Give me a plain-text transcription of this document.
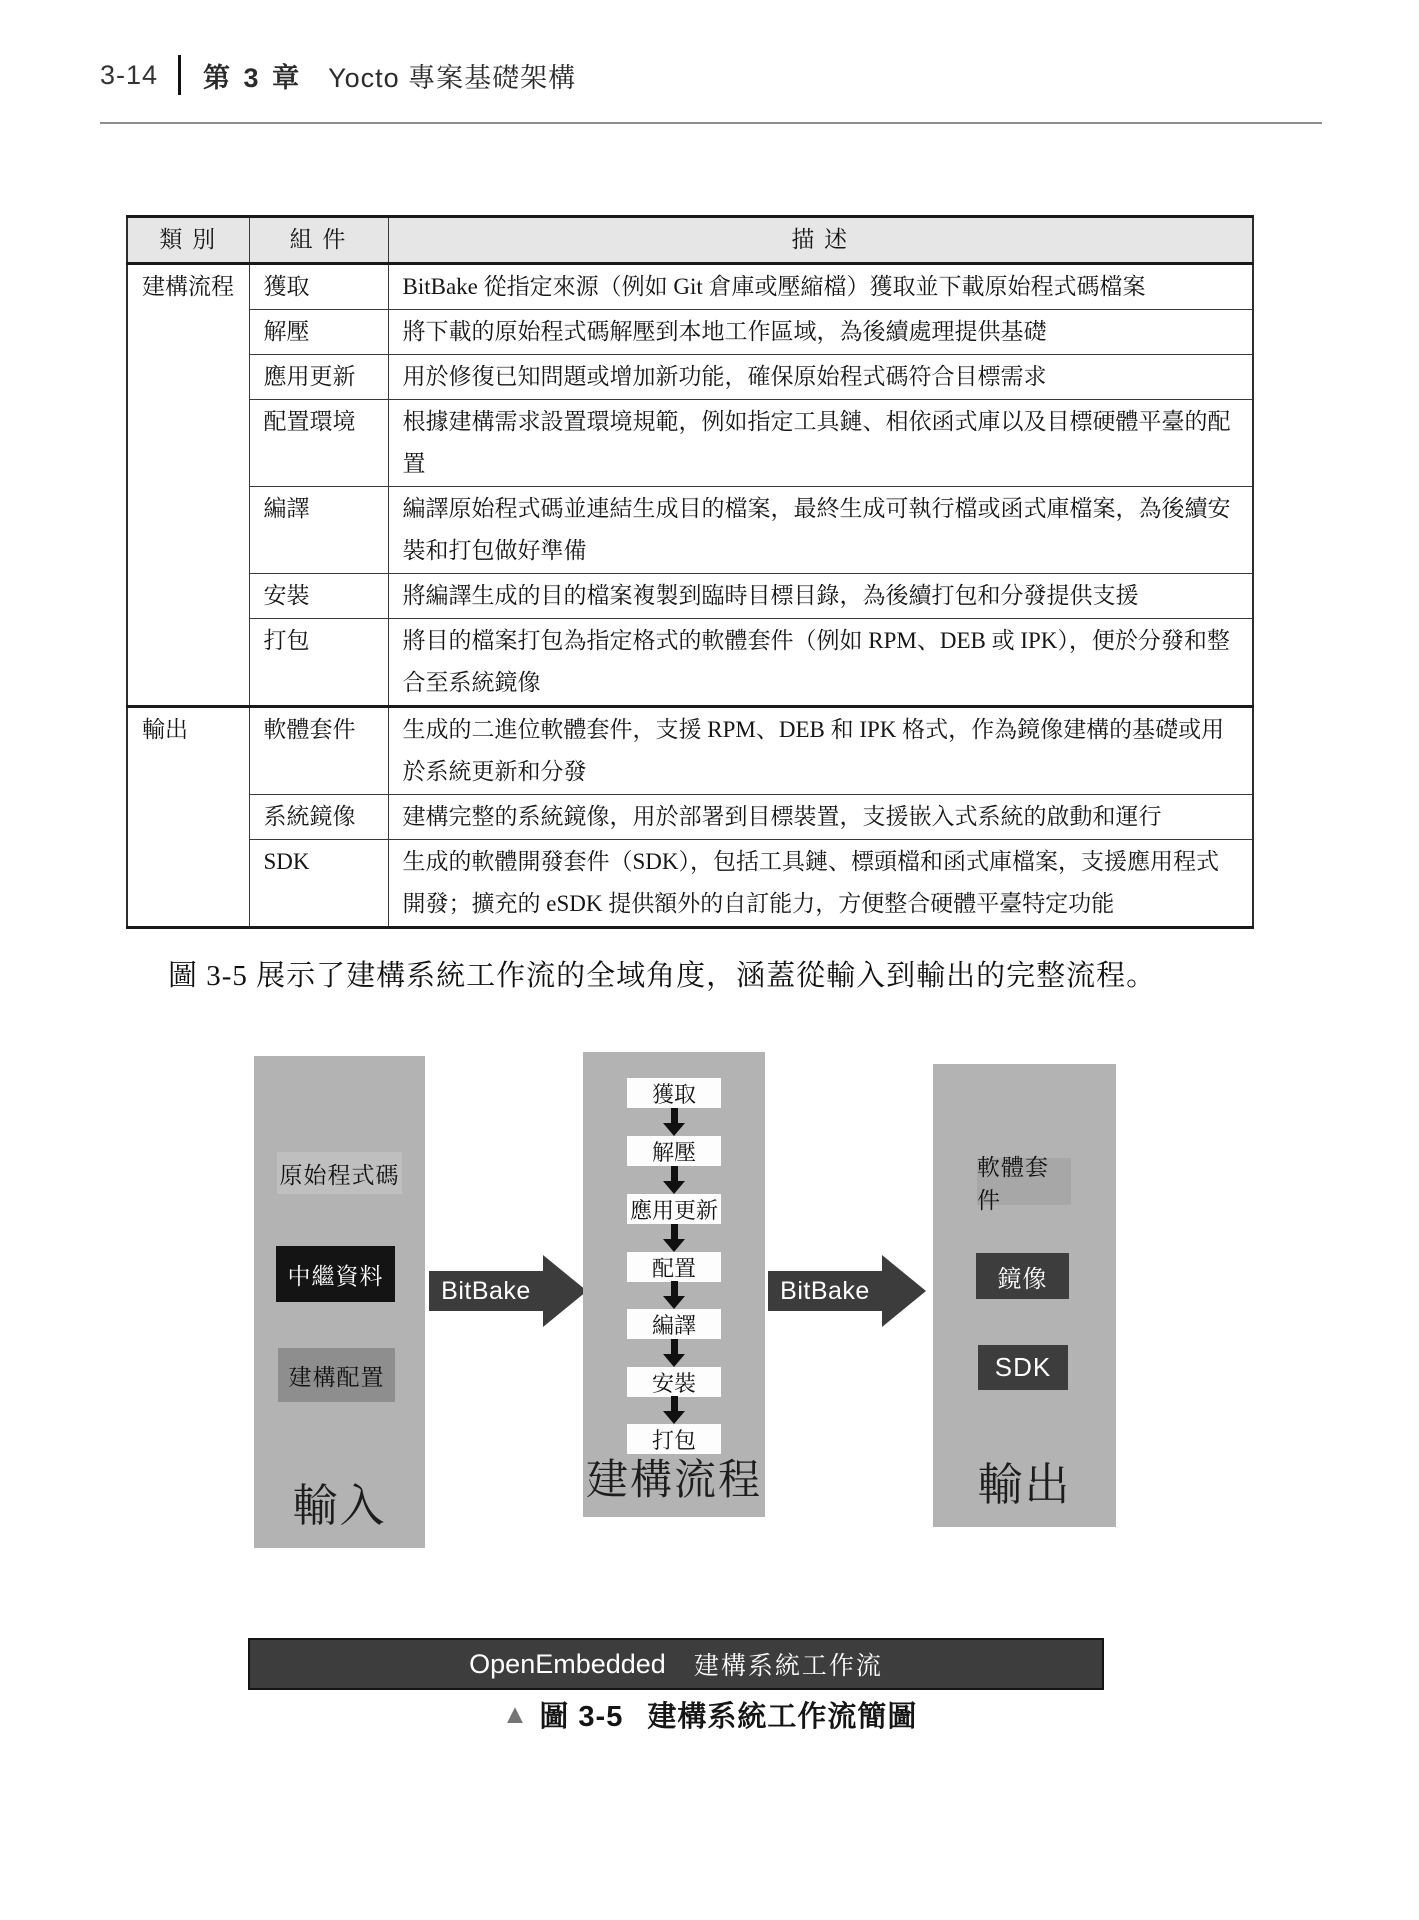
3-14 第 3 章 Yocto 專案基礎架構
類 別	組 件	描 述
建構流程	獲取	BitBake 從指定來源（例如 Git 倉庫或壓縮檔）獲取並下載原始程式碼檔案
	解壓	將下載的原始程式碼解壓到本地工作區域，為後續處理提供基礎
	應用更新	用於修復已知問題或增加新功能，確保原始程式碼符合目標需求
	配置環境	根據建構需求設置環境規範，例如指定工具鏈、相依函式庫以及目標硬體平臺的配置
	編譯	編譯原始程式碼並連結生成目的檔案，最終生成可執行檔或函式庫檔案，為後續安裝和打包做好準備
	安裝	將編譯生成的目的檔案複製到臨時目標目錄，為後續打包和分發提供支援
	打包	將目的檔案打包為指定格式的軟體套件（例如 RPM、DEB 或 IPK），便於分發和整合至系統鏡像
輸出	軟體套件	生成的二進位軟體套件，支援 RPM、DEB 和 IPK 格式，作為鏡像建構的基礎或用於系統更新和分發
	系統鏡像	建構完整的系統鏡像，用於部署到目標裝置，支援嵌入式系統的啟動和運行
	SDK	生成的軟體開發套件（SDK），包括工具鏈、標頭檔和函式庫檔案，支援應用程式開發；擴充的 eSDK 提供額外的自訂能力，方便整合硬體平臺特定功能

圖 3-5 展示了建構系統工作流的全域角度，涵蓋從輸入到輸出的完整流程。

原始程式碼
中繼資料
建構配置
輸入
BitBake
獲取
解壓
應用更新
配置
編譯
安裝
打包
建構流程
BitBake
軟體套件
鏡像
SDK
輸出
OpenEmbedded 建構系統工作流
▲ 圖 3-5 建構系統工作流簡圖
